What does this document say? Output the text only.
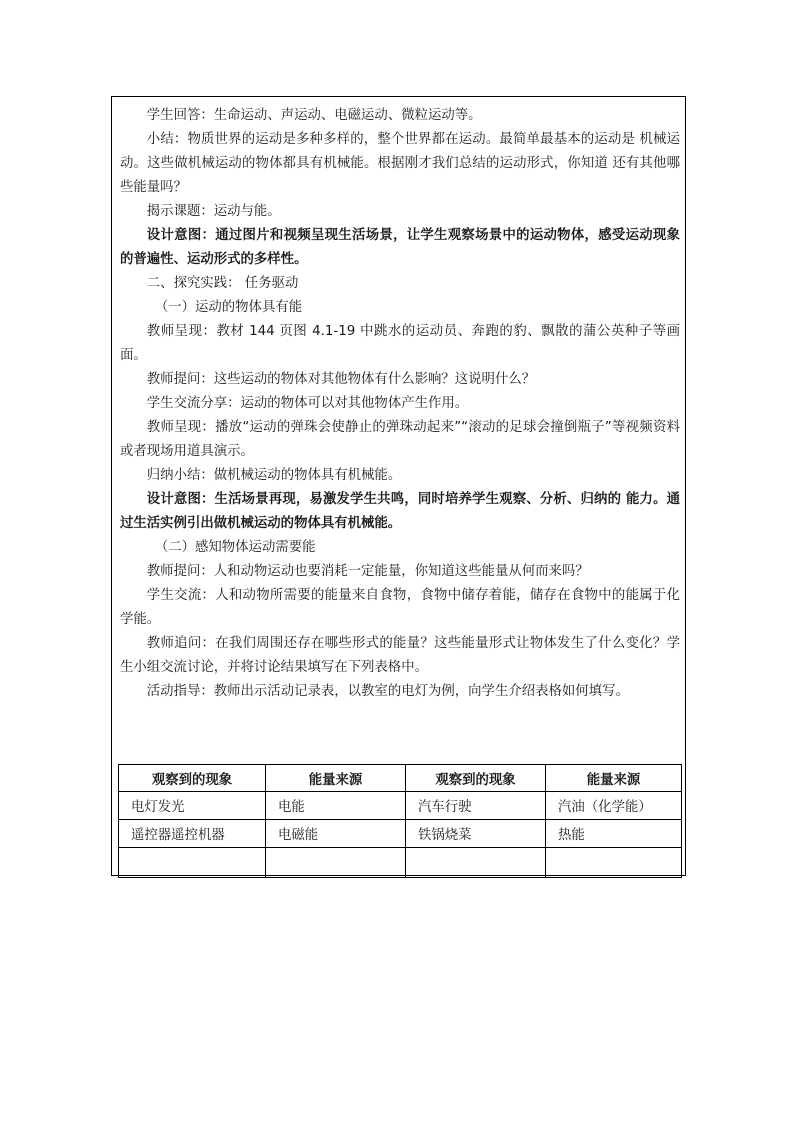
学生回答：生命运动、声运动、电磁运动、微粒运动等。

小结：物质世界的运动是多种多样的，整个世界都在运动。最简单最基本的运动是 机械运动。这些做机械运动的物体都具有机械能。根据刚才我们总结的运动形式，你知道 还有其他哪些能量吗？

揭示课题：运动与能。

设计意图：通过图片和视频呈现生活场景，让学生观察场景中的运动物体，感受运动现象的普遍性、运动形式的多样性。

二、探究实践： 任务驱动

（一）运动的物体具有能

教师呈现：教材 144 页图 4.1-19 中跳水的运动员、奔跑的豹、飘散的蒲公英种子等画面。

教师提问：这些运动的物体对其他物体有什么影响？这说明什么？

学生交流分享：运动的物体可以对其他物体产生作用。

教师呈现：播放“运动的弹珠会使静止的弹珠动起来”“滚动的足球会撞倒瓶子”等视频资料或者现场用道具演示。

归纳小结：做机械运动的物体具有机械能。

设计意图：生活场景再现，易激发学生共鸣，同时培养学生观察、分析、归纳的 能力。通过生活实例引出做机械运动的物体具有机械能。

（二）感知物体运动需要能

教师提问：人和动物运动也要消耗一定能量，你知道这些能量从何而来吗？

学生交流：人和动物所需要的能量来自食物，食物中储存着能，储存在食物中的能属于化学能。

教师追问：在我们周围还存在哪些形式的能量？这些能量形式让物体发生了什么变化？学生小组交流讨论，并将讨论结果填写在下列表格中。

活动指导：教师出示活动记录表，以教室的电灯为例，向学生介绍表格如何填写。

观察到的现象	能量来源	观察到的现象	能量来源
电灯发光	电能	汽车行驶	汽油（化学能）
遥控器遥控机器	电磁能	铁锅烧菜	热能
